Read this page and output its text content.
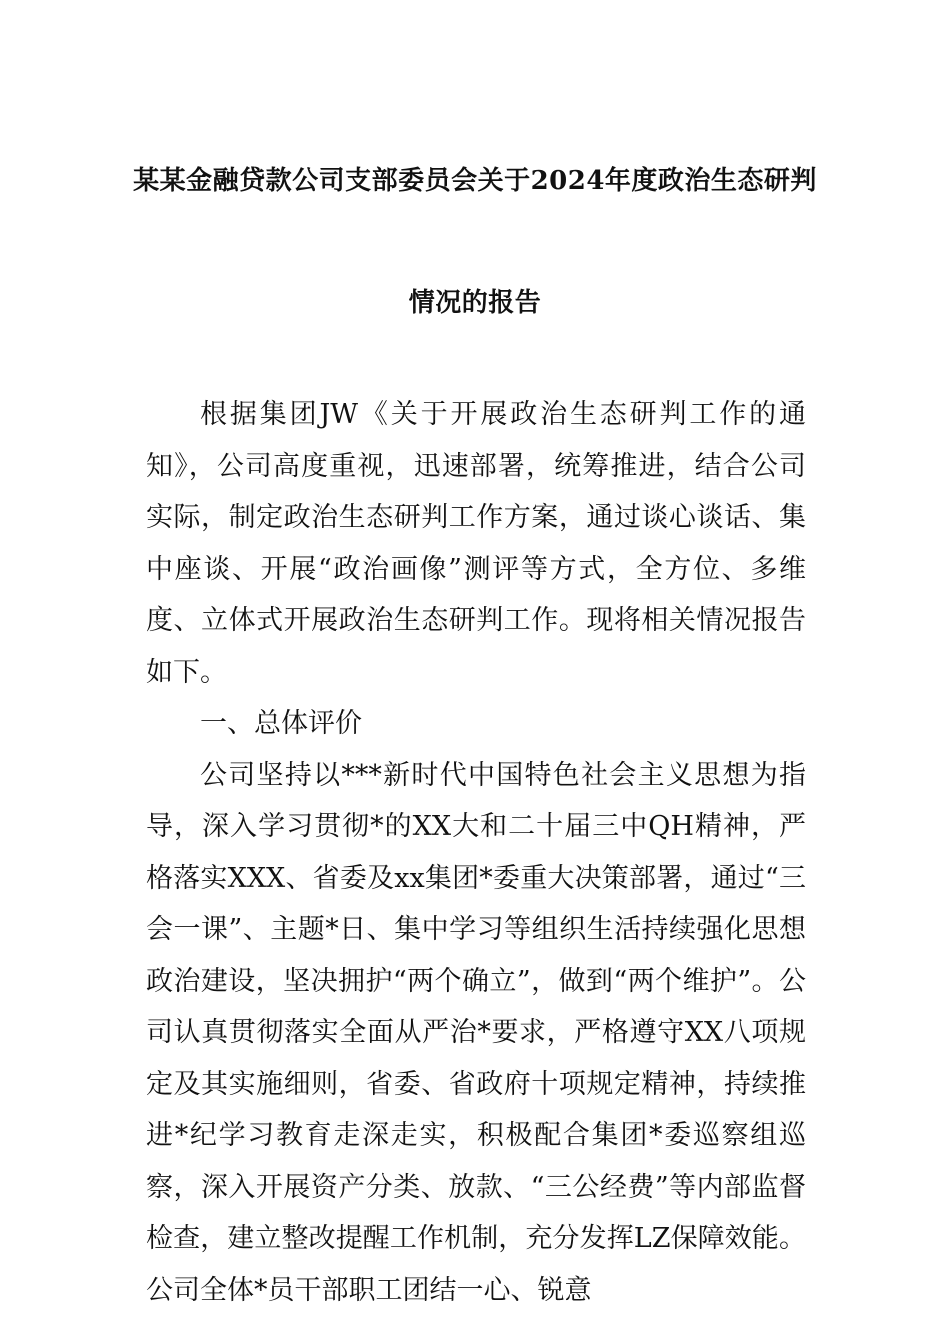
某某金融贷款公司支部委员会关于2024年度政治生态研判
情况的报告

根据集团JW《关于开展政治生态研判工作的通知》，公司高度重视，迅速部署，统筹推进，结合公司实际，制定政治生态研判工作方案，通过谈心谈话、集中座谈、开展“政治画像”测评等方式，全方位、多维度、立体式开展政治生态研判工作。现将相关情况报告如下。

一、总体评价

公司坚持以***新时代中国特色社会主义思想为指导，深入学习贯彻*的XX大和二十届三中QH精神，严格落实XXX、省委及xx集团*委重大决策部署，通过“三会一课”、主题*日、集中学习等组织生活持续强化思想政治建设，坚决拥护“两个确立”，做到“两个维护”。公司认真贯彻落实全面从严治*要求，严格遵守XX八项规定及其实施细则，省委、省政府十项规定精神，持续推进*纪学习教育走深走实，积极配合集团*委巡察组巡察，深入开展资产分类、放款、“三公经费”等内部监督检查，建立整改提醒工作机制，充分发挥LZ保障效能。公司全体*员干部职工团结一心、锐意
